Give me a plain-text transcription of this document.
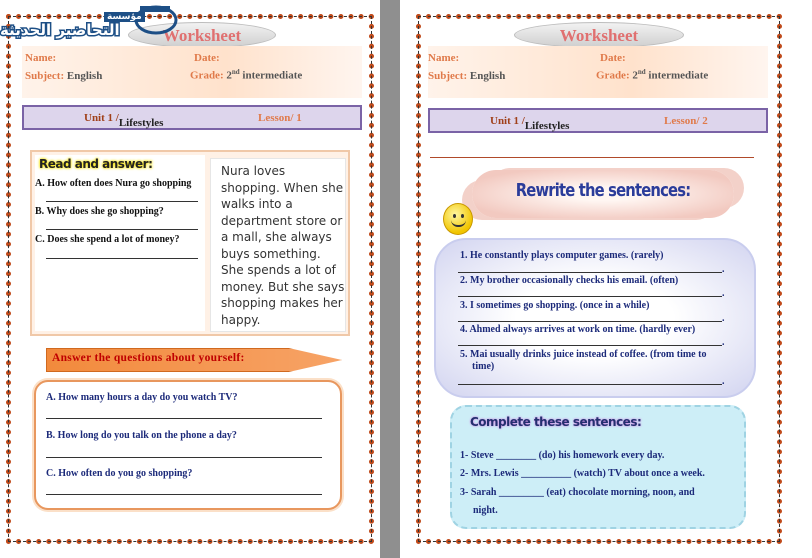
Worksheet
Name:	Date:
Subject: English	Grade: 2nd intermediate
Unit 1 / Lifestyles	Lesson/ 1
Read and answer:	Nura loves shopping. When she walks into a department store or a mall, she always buys something. She spends a lot of money. But she says shopping makes her happy.
A. How often does Nura go shopping
B. Why does she go shopping?
C. Does she spend a lot of money?
Answer the questions about yourself:
A. How many hours a day do you watch TV?
B. How long do you talk on the phone a day?
C. How often do you go shopping?
مؤسسة
التحاضير الحديثة	Worksheet
Name:	Date:
Subject: English	Grade: 2nd intermediate
Unit 1 / Lifestyles	Lesson/ 2
Rewrite the sentences:
1. He constantly plays computer games. (rarely)
.
2. My brother occasionally checks his email. (often)
.
3. I sometimes go shopping. (once in a while)
.
4. Ahmed always arrives at work on time. (hardly ever)
.
5. Mai usually drinks juice instead of coffee. (from time to
time)
.
Complete these sentences:
1- Steve ________ (do) his homework every day.
2- Mrs. Lewis __________ (watch) TV about once a week.
3- Sarah _________ (eat) chocolate morning, noon, and
night.
